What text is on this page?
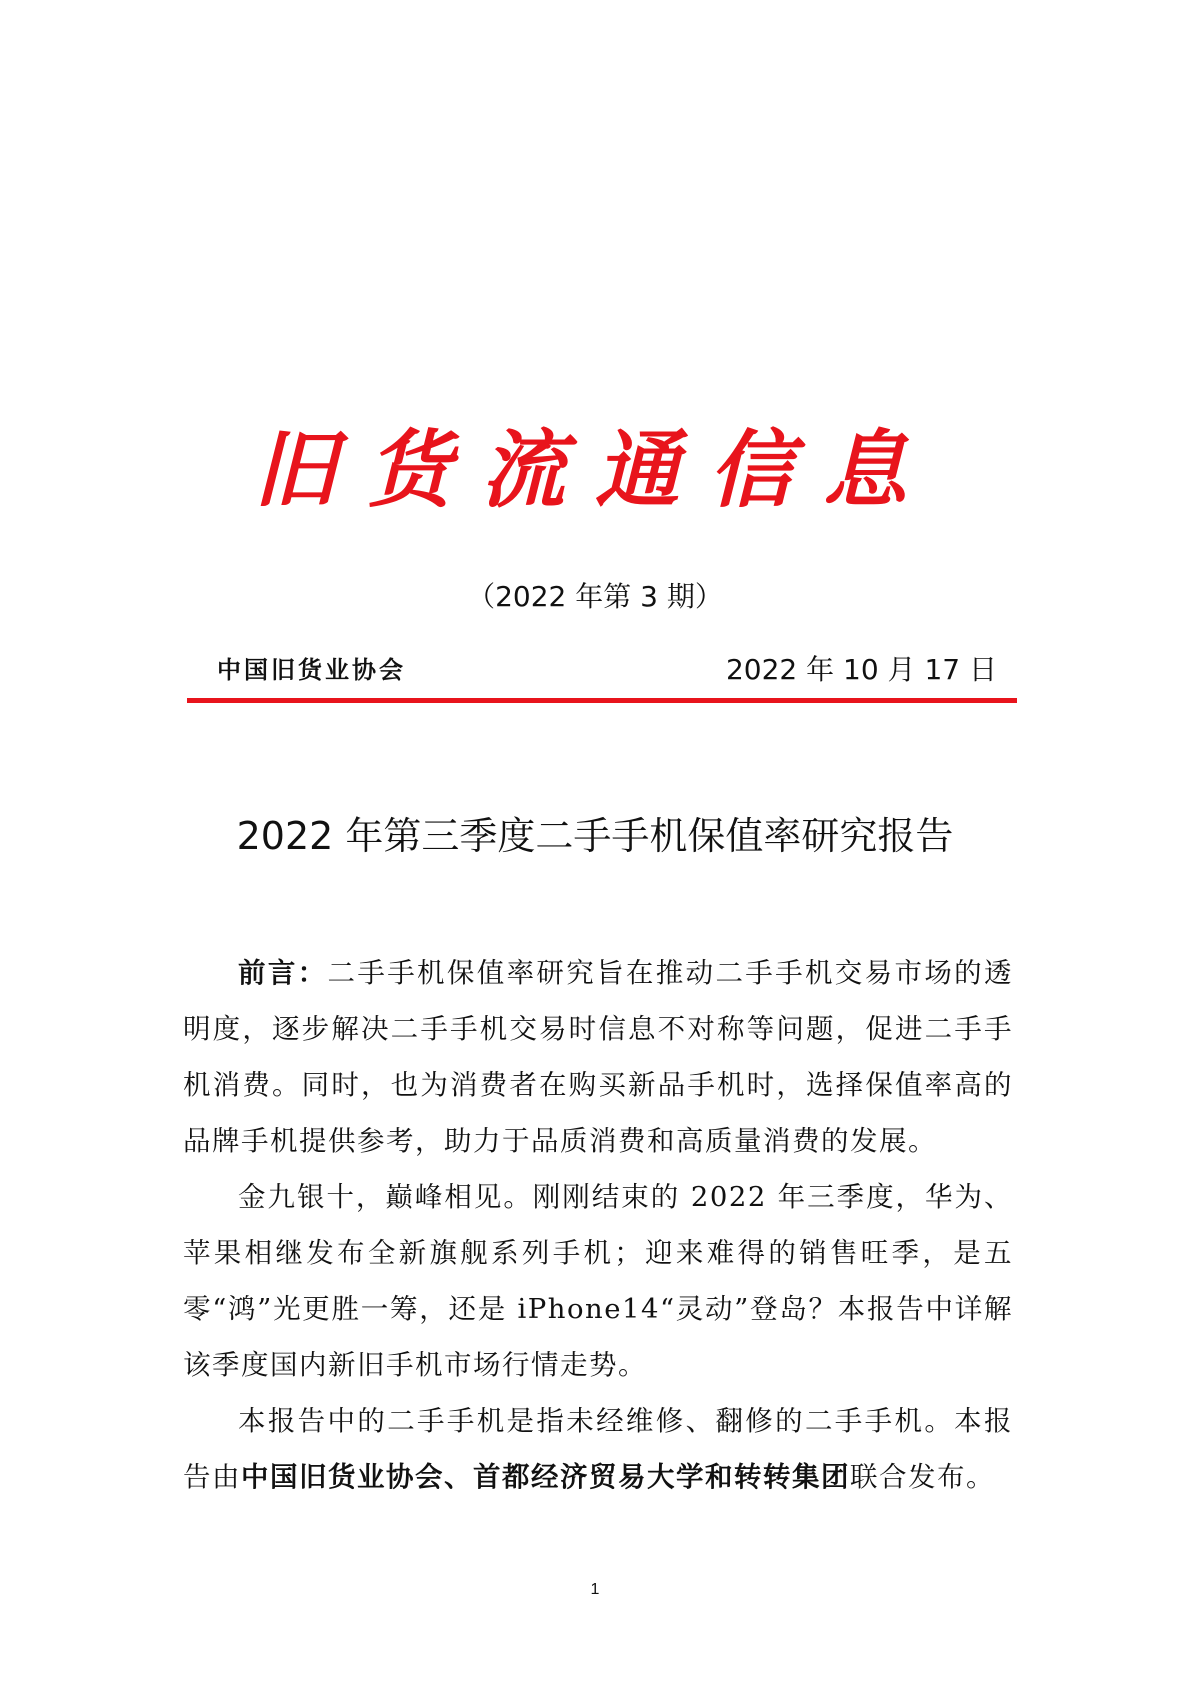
旧货流通信息
（2022 年第 3 期）
中国旧货业协会	2022 年 10 月 17 日
2022 年第三季度二手手机保值率研究报告

前言：二手手机保值率研究旨在推动二手手机交易市场的透明度，逐步解决二手手机交易时信息不对称等问题，促进二手手机消费。同时，也为消费者在购买新品手机时，选择保值率高的品牌手机提供参考，助力于品质消费和高质量消费的发展。

金九银十，巅峰相见。刚刚结束的 2022 年三季度，华为、苹果相继发布全新旗舰系列手机；迎来难得的销售旺季，是五零“鸿”光更胜一筹，还是 iPhone14“灵动”登岛？本报告中详解该季度国内新旧手机市场行情走势。

本报告中的二手手机是指未经维修、翻修的二手手机。本报告由中国旧货业协会、首都经济贸易大学和转转集团联合发布。

1
